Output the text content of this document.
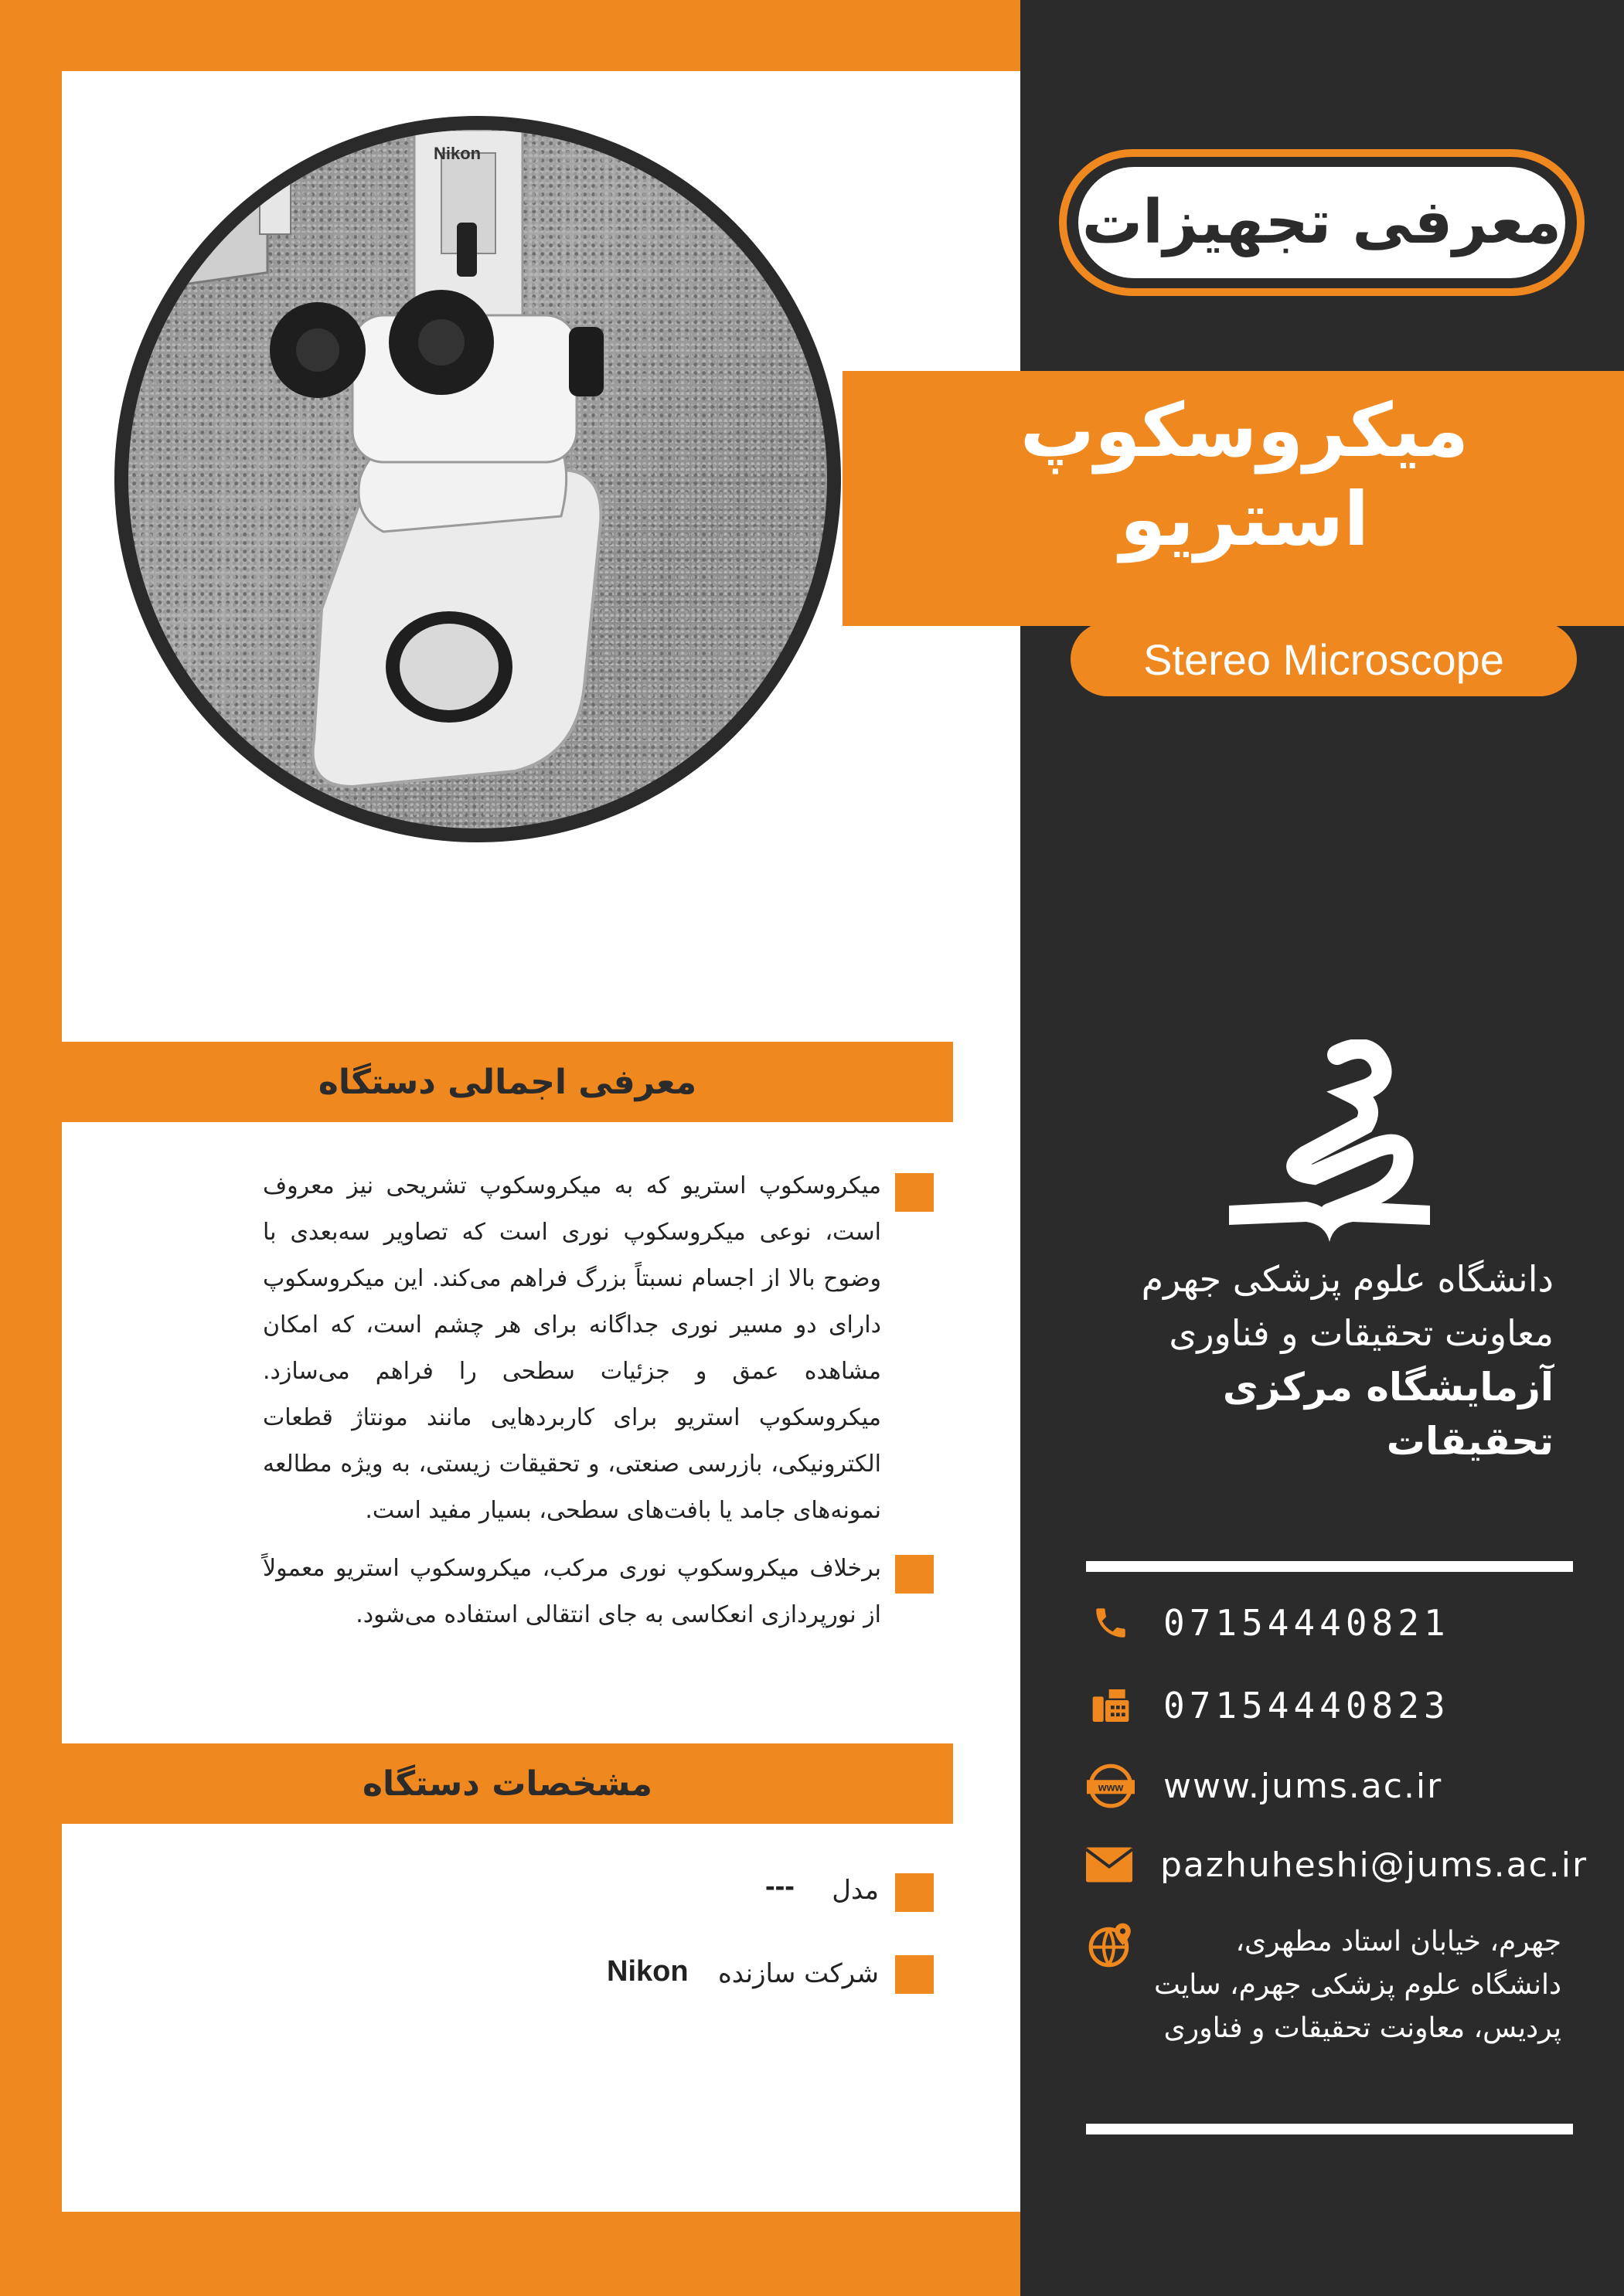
Nikon
معرفی تجهیزات
میکروسکوپ
استریو
Stereo Microscope
معرفی اجمالی دستگاه
میکروسکوپ استریو که به میکروسکوپ تشریحی نیز معروف است، نوعی میکروسکوپ نوری است که تصاویر سه‌بعدی با وضوح بالا از اجسام نسبتاً بزرگ فراهم می‌کند. این میکروسکوپ دارای دو مسیر نوری جداگانه برای هر چشم است، که امکان مشاهده عمق و جزئیات سطحی را فراهم می‌سازد. میکروسکوپ استریو برای کاربردهایی مانند مونتاژ قطعات الکترونیکی، بازرسی صنعتی، و تحقیقات زیستی، به ویژه مطالعه نمونه‌های جامد یا بافت‌های سطحی، بسیار مفید است.
برخلاف میکروسکوپ نوری مرکب، میکروسکوپ استریو معمولاً از نورپردازی انعکاسی به جای انتقالی استفاده می‌شود.
مشخصات دستگاه
مدل
---
شرکت سازنده
Nikon
دانشگاه علوم پزشکی جهرم
معاونت تحقیقات و فناوری
آزمایشگاه مرکزی تحقیقات
07154440821
07154440823
www www.jums.ac.ir
pazhuheshi@jums.ac.ir
جهرم، خیابان استاد مطهری، دانشگاه علوم پزشکی جهرم، سایت پردیس، معاونت تحقیقات و فناوری
